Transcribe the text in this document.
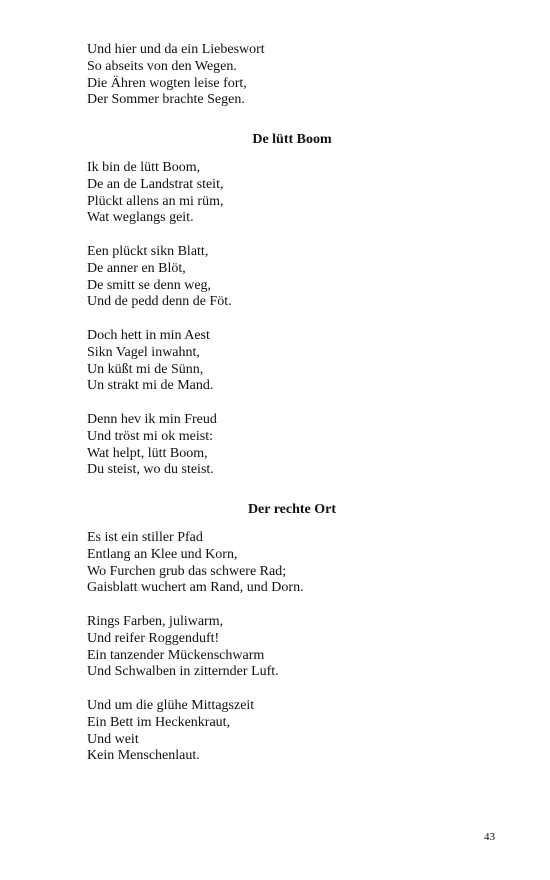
Und hier und da ein Liebeswort
So abseits von den Wegen.
Die Ähren wogten leise fort,
Der Sommer brachte Segen.
De lütt Boom
Ik bin de lütt Boom,
De an de Landstrat steit,
Plückt allens an mi rüm,
Wat weglangs geit.
Een plückt sikn Blatt,
De anner en Blöt,
De smitt se denn weg,
Und de pedd denn de Föt.
Doch hett in min Aest
Sikn Vagel inwahnt,
Un küßt mi de Sünn,
Un strakt mi de Mand.
Denn hev ik min Freud
Und tröst mi ok meist:
Wat helpt, lütt Boom,
Du steist, wo du steist.
Der rechte Ort
Es ist ein stiller Pfad
Entlang an Klee und Korn,
Wo Furchen grub das schwere Rad;
Gaisblatt wuchert am Rand, und Dorn.
Rings Farben, juliwarm,
Und reifer Roggenduft!
Ein tanzender Mückenschwarm
Und Schwalben in zitternder Luft.
Und um die glühe Mittagszeit
Ein Bett im Heckenkraut,
Und weit
Kein Menschenlaut.
43
